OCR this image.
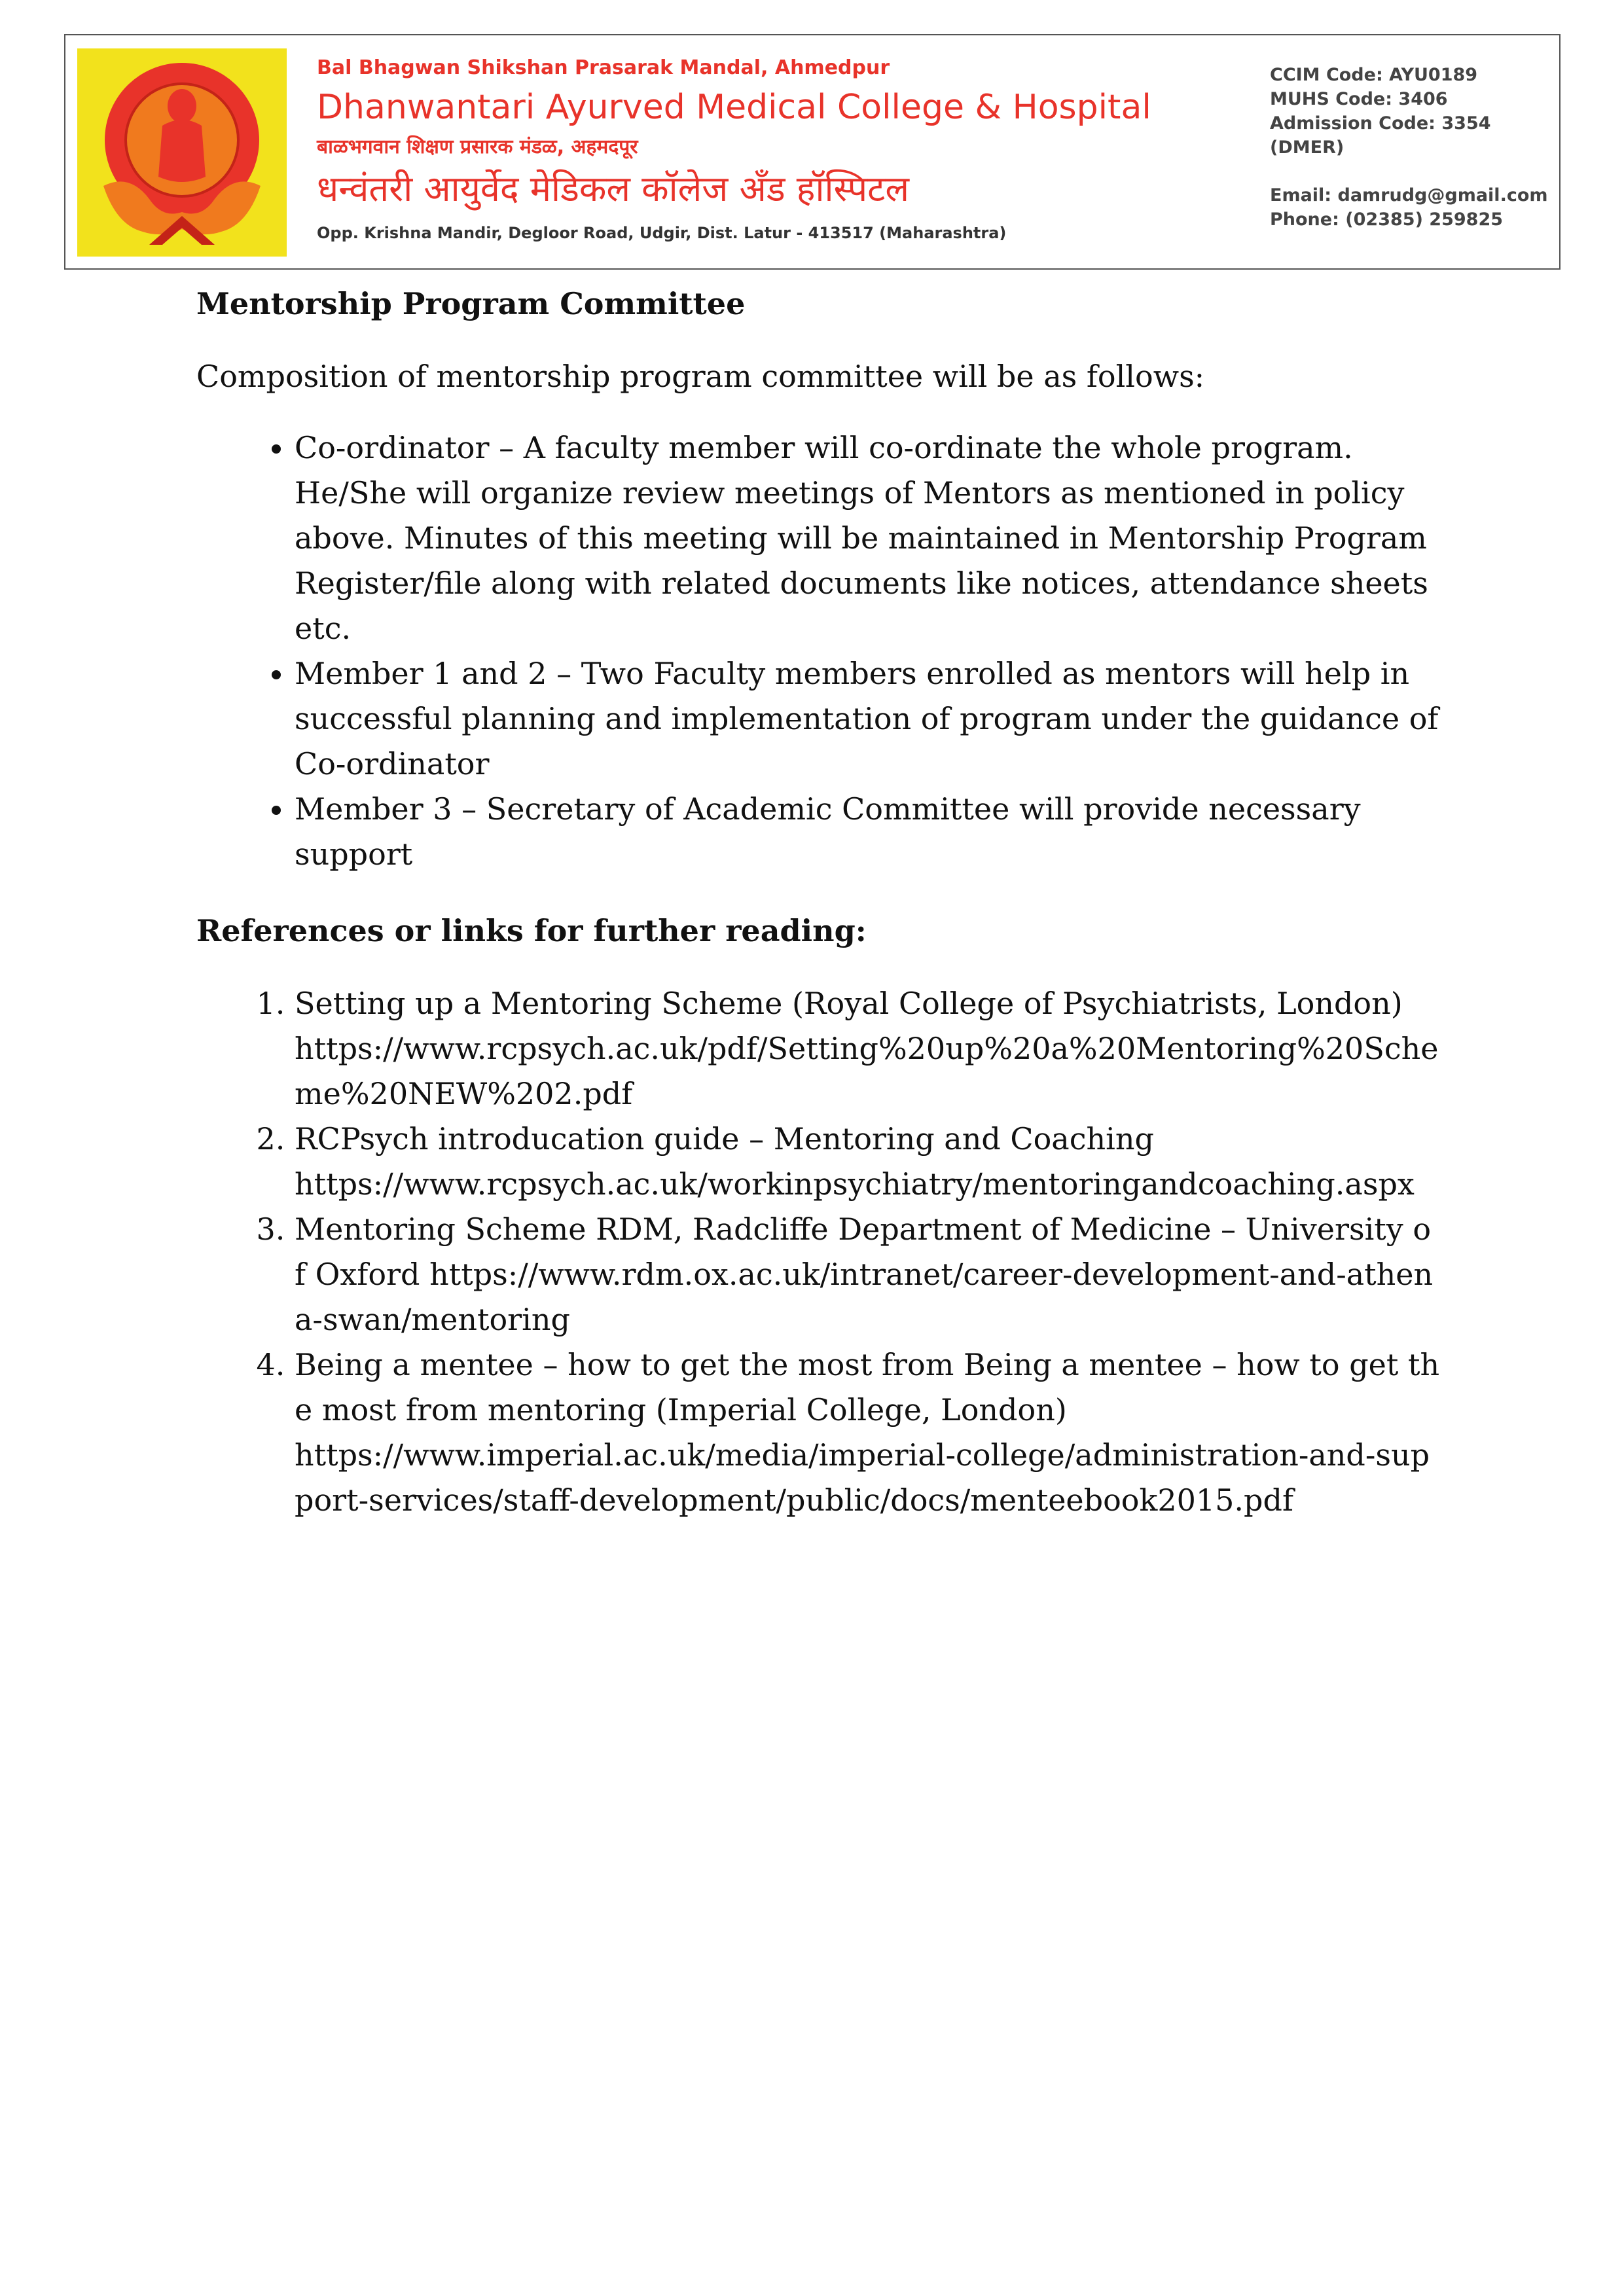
Bal Bhagwan Shikshan Prasarak Mandal, Ahmedpur
Dhanwantari Ayurved Medical College & Hospital
बाळभगवान शिक्षण प्रसारक मंडळ, अहमदपूर
धन्वंतरी आयुर्वेद मेडिकल कॉलेज अँड हॉस्पिटल
Opp. Krishna Mandir, Degloor Road, Udgir, Dist. Latur - 413517 (Maharashtra)
CCIM Code: AYU0189
MUHS Code: 3406
Admission Code: 3354
(DMER)
Email: damrudg@gmail.com
Phone: (02385) 259825
Mentorship Program Committee

Composition of mentorship program committee will be as follows:

• Co-ordinator – A faculty member will co-ordinate the whole program. He/She will organize review meetings of Mentors as mentioned in policy above. Minutes of this meeting will be maintained in Mentorship Program Register/file along with related documents like notices, attendance sheets etc.
• Member 1 and 2 – Two Faculty members enrolled as mentors will help in successful planning and implementation of program under the guidance of Co-ordinator
• Member 3 – Secretary of Academic Committee will provide necessary support
References or links for further reading:
1. Setting up a Mentoring Scheme (Royal College of Psychiatrists, London)
https://www.rcpsych.ac.uk/pdf/Setting%20up%20a%20Mentoring%20Scheme%20NEW%202.pdf
2. RCPsych introducation guide – Mentoring and Coaching
https://www.rcpsych.ac.uk/workinpsychiatry/mentoringandcoaching.aspx
3. Mentoring Scheme RDM, Radcliffe Department of Medicine – University of Oxford https://www.rdm.ox.ac.uk/intranet/career-development-and-athena-swan/mentoring
4. Being a mentee – how to get the most from Being a mentee – how to get the most from mentoring (Imperial College, London)
https://www.imperial.ac.uk/media/imperial-college/administration-and-support-services/staff-development/public/docs/menteebook2015.pdf
